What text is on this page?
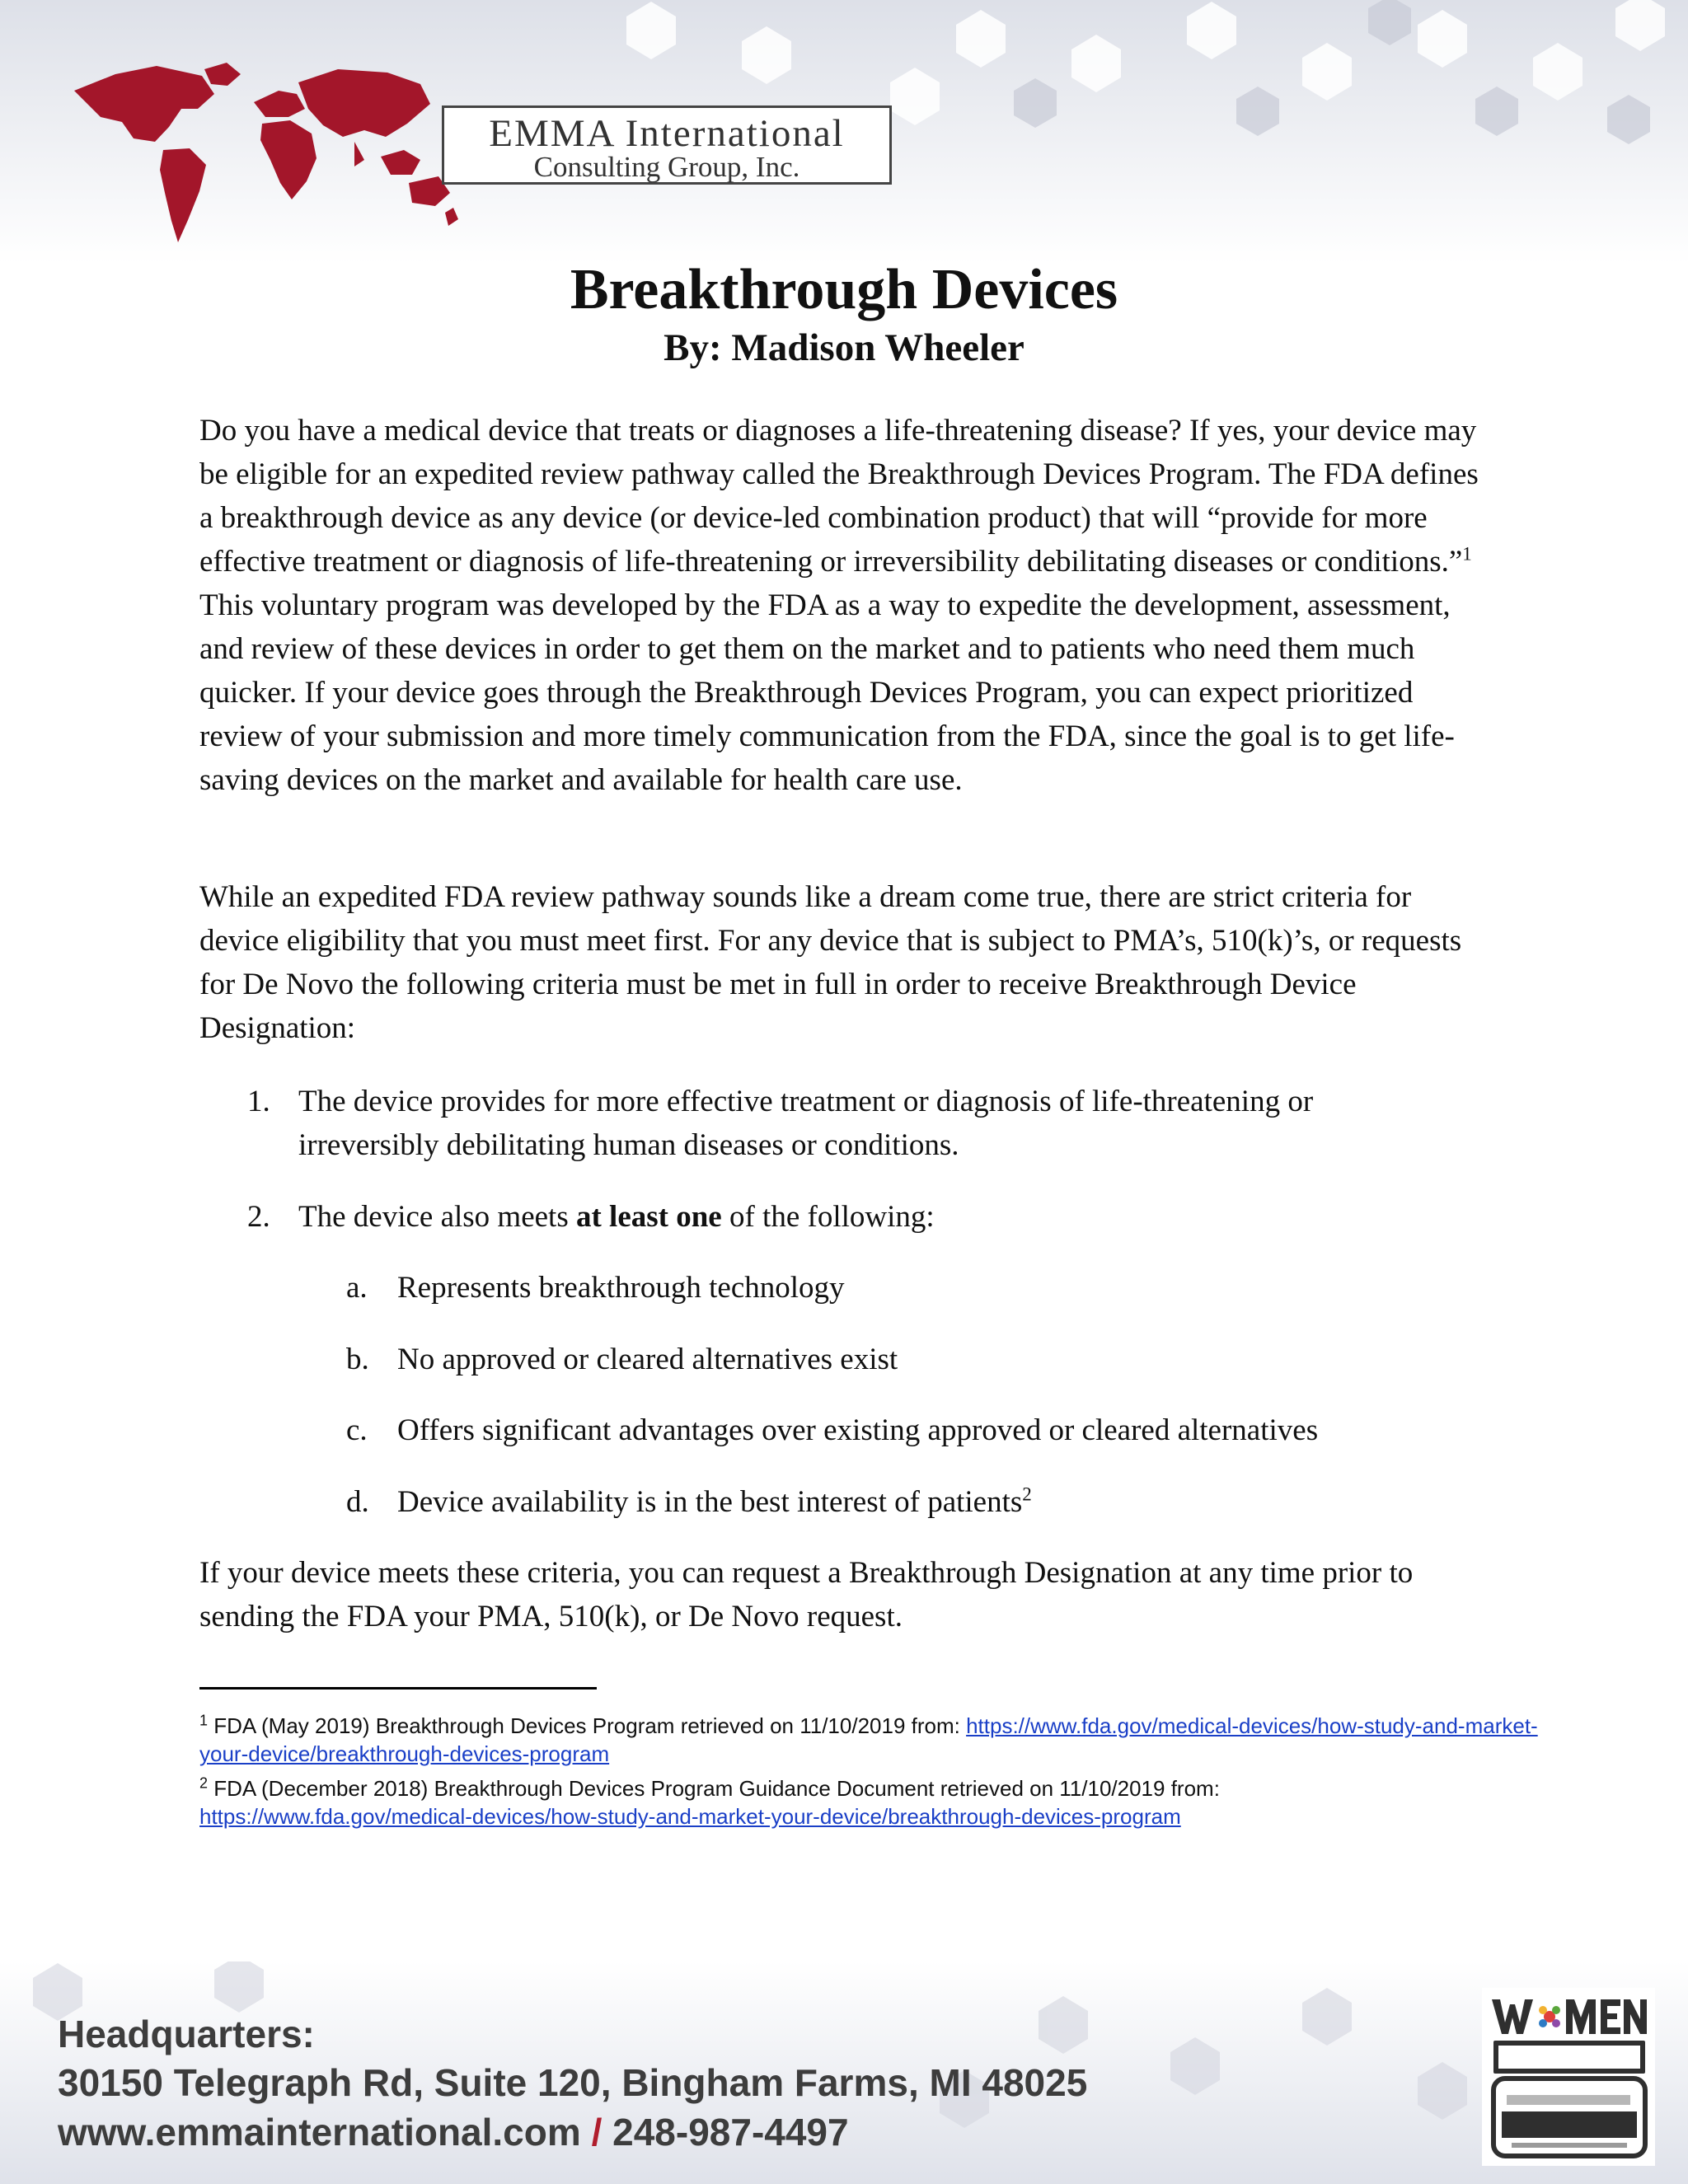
EMMA International
Consulting Group, Inc.
Breakthrough Devices
By: Madison Wheeler

Do you have a medical device that treats or diagnoses a life-threatening disease? If yes, your device may be eligible for an expedited review pathway called the Breakthrough Devices Program. The FDA defines a breakthrough device as any device (or device-led combination product) that will “provide for more effective treatment or diagnosis of life-threatening or irreversibility debilitating diseases or conditions.”$^1$ This voluntary program was developed by the FDA as a way to expedite the development, assessment, and review of these devices in order to get them on the market and to patients who need them much quicker. If your device goes through the Breakthrough Devices Program, you can expect prioritized review of your submission and more timely communication from the FDA, since the goal is to get life-saving devices on the market and available for health care use.

While an expedited FDA review pathway sounds like a dream come true, there are strict criteria for device eligibility that you must meet first. For any device that is subject to PMA’s, 510(k)’s, or requests for De Novo the following criteria must be met in full in order to receive Breakthrough Device Designation:

1. The device provides for more effective treatment or diagnosis of life-threatening or irreversibly debilitating human diseases or conditions.
2. The device also meets at least one of the following:
a. Represents breakthrough technology
b. No approved or cleared alternatives exist
c. Offers significant advantages over existing approved or cleared alternatives
d. Device availability is in the best interest of patients$^2$

If your device meets these criteria, you can request a Breakthrough Designation at any time prior to sending the FDA your PMA, 510(k), or De Novo request.

$^1$ FDA (May 2019) Breakthrough Devices Program retrieved on 11/10/2019 from: https://www.fda.gov/medical-devices/how-study-and-market-your-device/breakthrough-devices-program
$^2$ FDA (December 2018) Breakthrough Devices Program Guidance Document retrieved on 11/10/2019 from:
https://www.fda.gov/medical-devices/how-study-and-market-your-device/breakthrough-devices-program
Headquarters:
30150 Telegraph Rd, Suite 120, Bingham Farms, MI 48025
www.emmainternational.com / 248-987-4497
